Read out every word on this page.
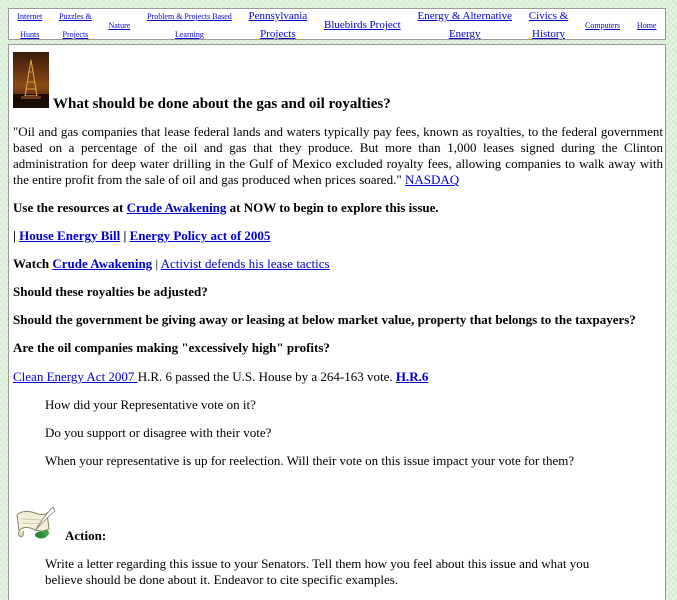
Internet
Hunts
Puzzles &
Projects
Nature
Problem & Projects Based
Learning
Pennsylvania
Projects
Bluebirds Project
Energy & Alternative
Energy
Civics &
History
Computers Home
What should be done about the gas and oil royalties?

"Oil and gas companies that lease federal lands and waters typically pay fees, known as royalties, to the federal government based on a percentage of the oil and gas that they produce. But more than 1,000 leases signed during the Clinton administration for deep water drilling in the Gulf of Mexico excluded royalty fees, allowing companies to walk away with the entire profit from the sale of oil and gas produced when prices soared." NASDAQ

Use the resources at Crude Awakening at NOW to begin to explore this issue.

| House Energy Bill | Energy Policy act of 2005

Watch Crude Awakening | Activist defends his lease tactics

Should these royalties be adjusted?

Should the government be giving away or leasing at below market value, property that belongs to the taxpayers?

Are the oil companies making "excessively high" profits?

Clean Energy Act 2007 H.R. 6 passed the U.S. House by a 264-163 vote. H.R.6

How did your Representative vote on it?

Do you support or disagree with their vote?

When your representative is up for reelection. Will their vote on this issue impact your vote for them?

Action:

Write a letter regarding this issue to your Senators. Tell them how you feel about this issue and what you believe should be done about it. Endeavor to cite specific examples.
